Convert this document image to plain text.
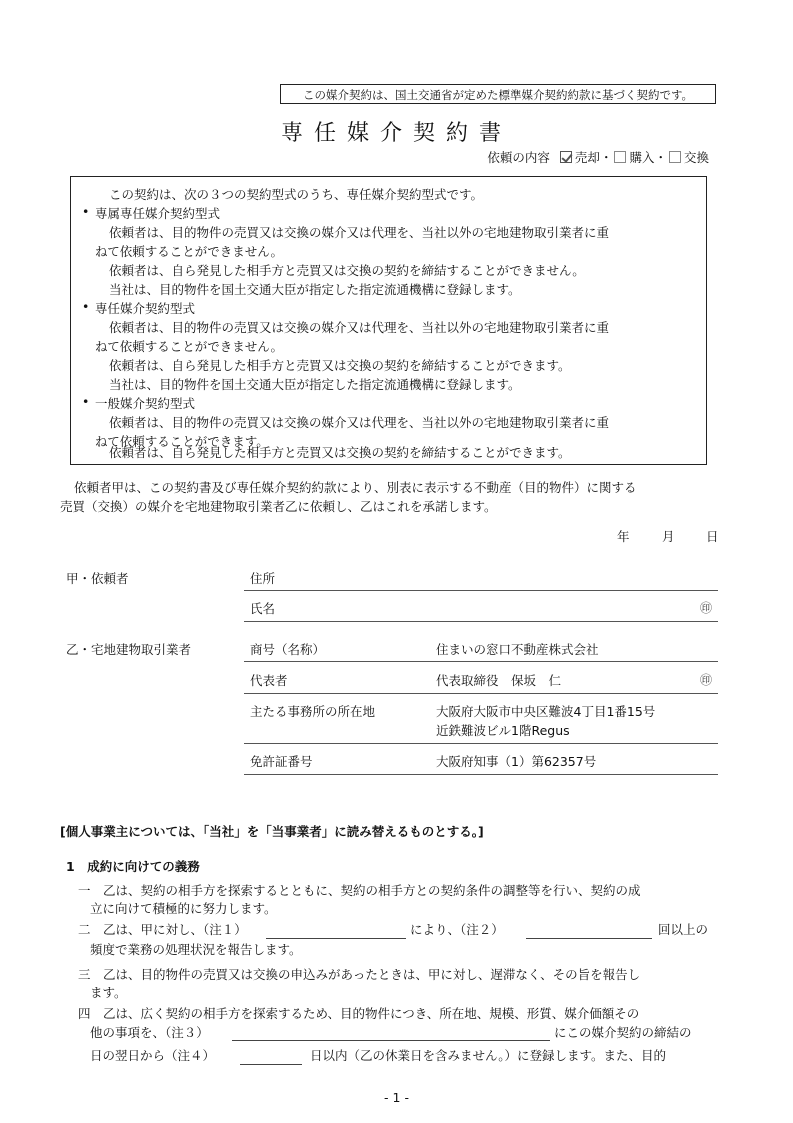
この媒介契約は、国土交通省が定めた標準媒介契約約款に基づく契約です。
専任媒介契約書
依頼の内容 売却 ・ 購入 ・ 交換
この契約は、次の３つの契約型式のうち、専任媒介契約型式です。
• 専属専任媒介契約型式
依頼者は、目的物件の売買又は交換の媒介又は代理を、当社以外の宅地建物取引業者に重
ねて依頼することができません。
依頼者は、自ら発見した相手方と売買又は交換の契約を締結することができません。
当社は、目的物件を国土交通大臣が指定した指定流通機構に登録します。
• 専任媒介契約型式
依頼者は、目的物件の売買又は交換の媒介又は代理を、当社以外の宅地建物取引業者に重
ねて依頼することができません。
依頼者は、自ら発見した相手方と売買又は交換の契約を締結することができます。
当社は、目的物件を国土交通大臣が指定した指定流通機構に登録します。
• 一般媒介契約型式
依頼者は、目的物件の売買又は交換の媒介又は代理を、当社以外の宅地建物取引業者に重
ねて依頼することができます。
依頼者は、自ら発見した相手方と売買又は交換の契約を締結することができます。
依頼者甲は、この契約書及び専任媒介契約約款により、別表に表示する不動産（目的物件）に関する
売買（交換）の媒介を宅地建物取引業者乙に依頼し、乙はこれを承諾します。
年	月	日
甲・依頼者	住所
氏名	㊞
乙・宅地建物取引業者	商号（名称）	住まいの窓口不動産株式会社
代表者	代表取締役　保坂　仁	㊞
主たる事務所の所在地	大阪府大阪市中央区難波4丁目1番15号
近鉄難波ビル1階Regus
免許証番号	大阪府知事（1）第62357号
[個人事業主については、「当社」を「当事業者」に読み替えるものとする。]
1　成約に向けての義務
一 乙は、契約の相手方を探索するとともに、契約の相手方との契約条件の調整等を行い、契約の成
立に向けて積極的に努力します。
二 乙は、甲に対し、（注１）	により、（注２）	回以上の
頻度で業務の処理状況を報告します。
三 乙は、目的物件の売買又は交換の申込みがあったときは、甲に対し、遅滞なく、その旨を報告し
ます。
四 乙は、広く契約の相手方を探索するため、目的物件につき、所在地、規模、形質、媒介価額その
他の事項を、（注３）	にこの媒介契約の締結の
日の翌日から（注４）	日以内（乙の休業日を含みません。）に登録します。また、目的
- 1 -
